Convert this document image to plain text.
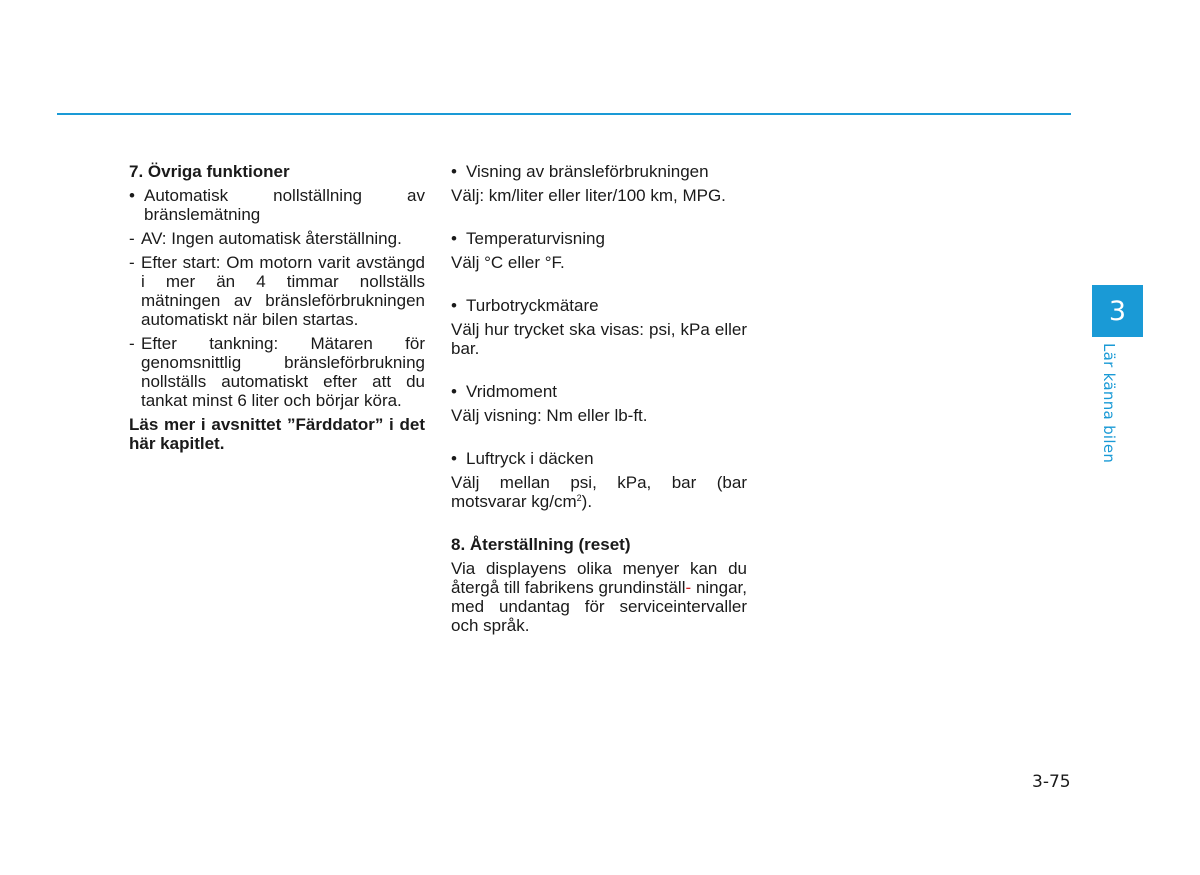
7. Övriga funktioner

• Automatisk nollställning av bränslemätning

- AV: Ingen automatisk återställning.

- Efter start: Om motorn varit avstängd i mer än 4 timmar nollställs mätningen av bränsleförbrukningen automatiskt när bilen startas.

- Efter tankning: Mätaren för genomsnittlig bränsleförbrukning nollställs automatiskt efter att du tankat minst 6 liter och börjar köra.

Läs mer i avsnittet ”Färddator” i det här kapitlet.

• Visning av bränsleförbrukningen

Välj: km/liter eller liter/100 km, MPG.

• Temperaturvisning

Välj °C eller °F.

• Turbotryckmätare

Välj hur trycket ska visas: psi, kPa eller bar.

• Vridmoment

Välj visning: Nm eller lb-ft.

• Luftryck i däcken

Välj mellan psi, kPa, bar (bar motsvarar $kg/cm^2$).

8. Återställning (reset)

Via displayens olika menyer kan du återgå till fabrikens grundinställ- ningar, med undantag för serviceintervaller och språk.

3
Lär känna bilen
3-75
